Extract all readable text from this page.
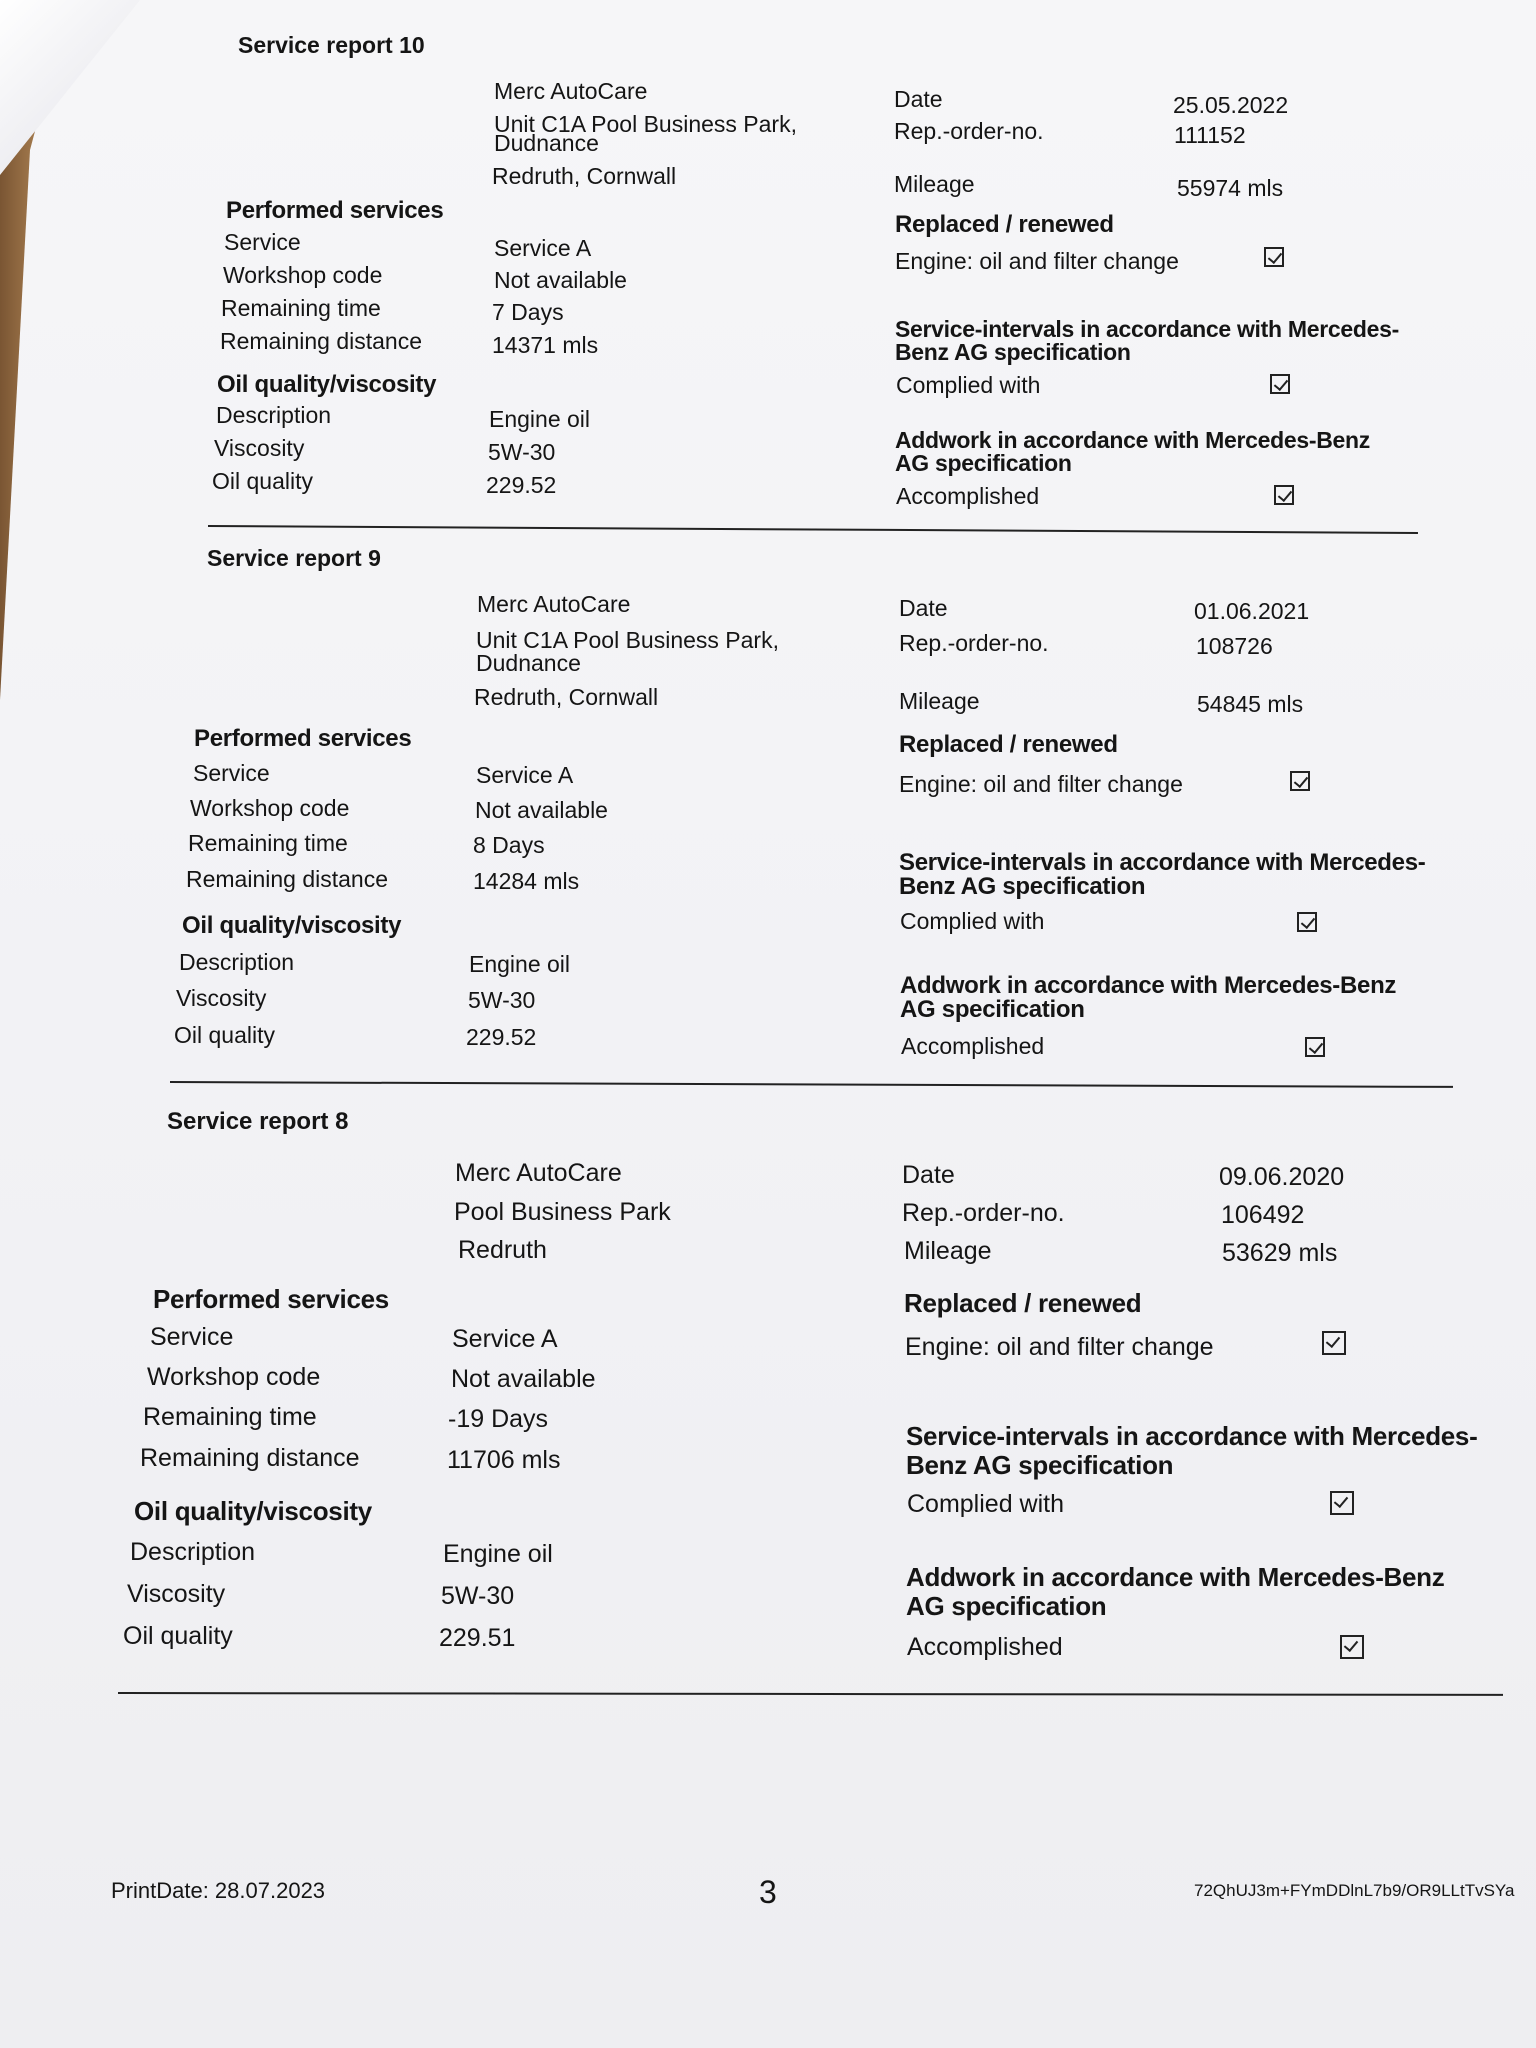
Service report 10
Merc AutoCare
Unit C1A Pool Business Park,
Dudnance
Redruth, Cornwall
Date	25.05.2022
Rep.-order-no.	111152
Mileage	55974 mls
Performed services
Service	Service A
Workshop code	Not available
Remaining time	7 Days
Remaining distance	14371 mls
Oil quality/viscosity
Description	Engine oil
Viscosity	5W-30
Oil quality	229.52
Replaced / renewed
Engine: oil and filter change
Service-intervals in accordance with Mercedes-
Benz AG specification
Complied with
Addwork in accordance with Mercedes-Benz
AG specification
Accomplished
Service report 9
Merc AutoCare
Unit C1A Pool Business Park,
Dudnance
Redruth, Cornwall
Date	01.06.2021
Rep.-order-no.	108726
Mileage	54845 mls
Performed services
Service	Service A
Workshop code	Not available
Remaining time	8 Days
Remaining distance	14284 mls
Oil quality/viscosity
Description	Engine oil
Viscosity	5W-30
Oil quality	229.52
Replaced / renewed
Engine: oil and filter change
Service-intervals in accordance with Mercedes-
Benz AG specification
Complied with
Addwork in accordance with Mercedes-Benz
AG specification
Accomplished
Service report 8
Merc AutoCare
Pool Business Park
Redruth
Date	09.06.2020
Rep.-order-no.	106492
Mileage	53629 mls
Performed services
Service	Service A
Workshop code	Not available
Remaining time	-19 Days
Remaining distance	11706 mls
Oil quality/viscosity
Description	Engine oil
Viscosity	5W-30
Oil quality	229.51
Replaced / renewed
Engine: oil and filter change
Service-intervals in accordance with Mercedes-
Benz AG specification
Complied with
Addwork in accordance with Mercedes-Benz
AG specification
Accomplished
PrintDate: 28.07.2023	3	72QhUJ3m+FYmDDlnL7b9/OR9LLtTvSYa
